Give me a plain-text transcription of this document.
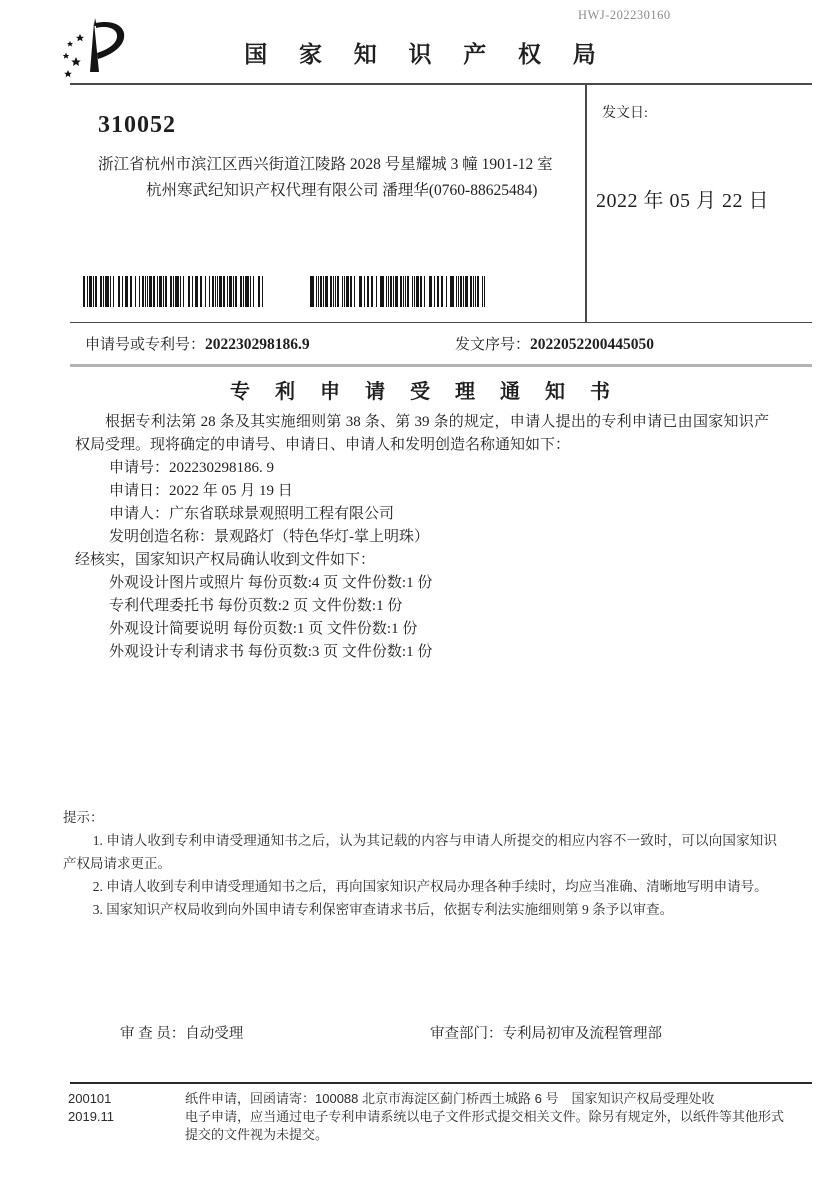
HWJ-202230160
国 家 知 识 产 权 局
310052
浙江省杭州市滨江区西兴街道江陵路 2028 号星耀城 3 幢 1901-12 室
杭州寒武纪知识产权代理有限公司 潘理华(0760-88625484)
发文日:
2022 年 05 月 22 日
申请号或专利号：202230298186.9	发文序号：2022052200445050
专 利 申 请 受 理 通 知 书

根据专利法第 28 条及其实施细则第 38 条、第 39 条的规定，申请人提出的专利申请已由国家知识产权局受理。现将确定的申请号、申请日、申请人和发明创造名称通知如下：

申请号：202230298186. 9

申请日：2022 年 05 月 19 日

申请人：广东省联球景观照明工程有限公司

发明创造名称：景观路灯（特色华灯-掌上明珠）

经核实，国家知识产权局确认收到文件如下：

外观设计图片或照片 每份页数:4 页 文件份数:1 份

专利代理委托书 每份页数:2 页 文件份数:1 份

外观设计简要说明 每份页数:1 页 文件份数:1 份

外观设计专利请求书 每份页数:3 页 文件份数:1 份

提示：

1. 申请人收到专利申请受理通知书之后，认为其记载的内容与申请人所提交的相应内容不一致时，可以向国家知识产权局请求更正。

2. 申请人收到专利申请受理通知书之后，再向国家知识产权局办理各种手续时，均应当准确、清晰地写明申请号。

3. 国家知识产权局收到向外国申请专利保密审查请求书后，依据专利法实施细则第 9 条予以审查。

审 查 员：自动受理	审查部门：专利局初审及流程管理部
200101	纸件申请，回函请寄：100088 北京市海淀区蓟门桥西土城路 6 号　国家知识产权局受理处收
2019.11	电子申请，应当通过电子专利申请系统以电子文件形式提交相关文件。除另有规定外，以纸件等其他形式提交的文件视为未提交。
